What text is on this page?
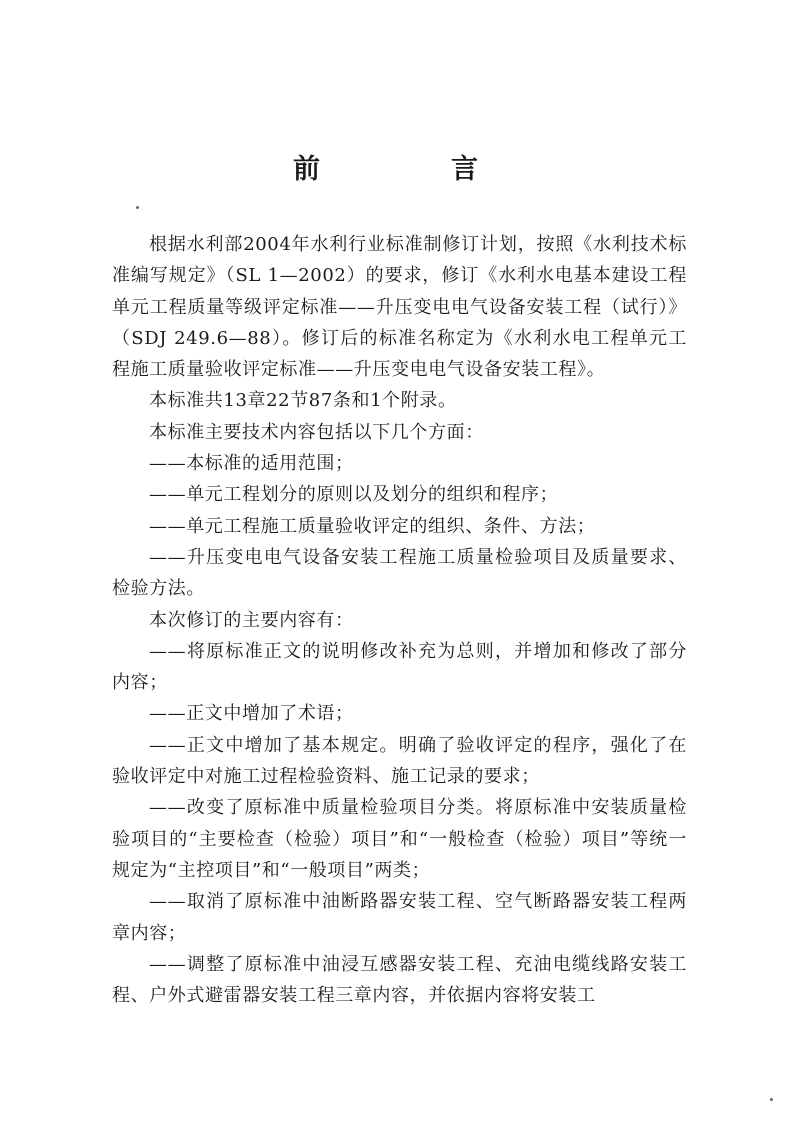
前　言

根据水利部2004年水利行业标准制修订计划，按照《水利技术标准编写规定》（SL 1—2002）的要求，修订《水利水电基本建设工程单元工程质量等级评定标准——升压变电电气设备安装工程（试行）》（SDJ 249.6—88）。修订后的标准名称定为《水利水电工程单元工程施工质量验收评定标准——升压变电电气设备安装工程》。

本标准共13章22节87条和1个附录。

本标准主要技术内容包括以下几个方面：

——本标准的适用范围；

——单元工程划分的原则以及划分的组织和程序；

——单元工程施工质量验收评定的组织、条件、方法；

——升压变电电气设备安装工程施工质量检验项目及质量要求、检验方法。

本次修订的主要内容有：

——将原标准正文的说明修改补充为总则，并增加和修改了部分内容；

——正文中增加了术语；

——正文中增加了基本规定。明确了验收评定的程序，强化了在验收评定中对施工过程检验资料、施工记录的要求；

——改变了原标准中质量检验项目分类。将原标准中安装质量检验项目的“主要检查（检验）项目”和“一般检查（检验）项目”等统一规定为“主控项目”和“一般项目”两类；

——取消了原标准中油断路器安装工程、空气断路器安装工程两章内容；

——调整了原标准中油浸互感器安装工程、充油电缆线路安装工程、户外式避雷器安装工程三章内容，并依据内容将安装工
